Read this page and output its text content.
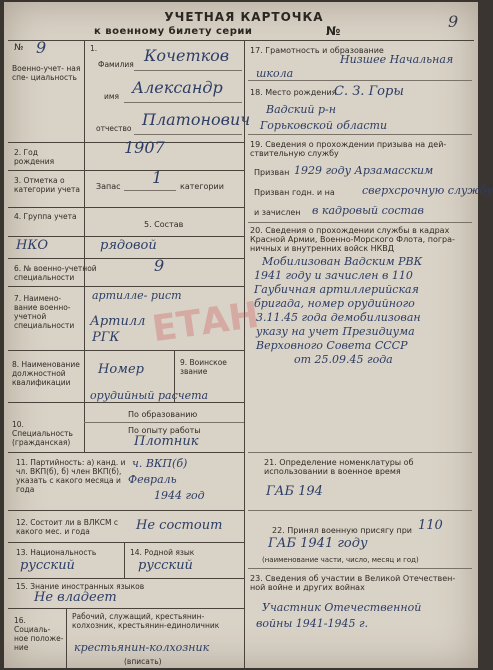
УЧЕТНАЯ КАРТОЧКА
к военному билету серии	№	9
№ 9
Военно-учет- ная спе- циальность
1.
Фамилия Кочетков
имя Александр
отчество Платонович
2. Год рождения
1907
3. Отметка о категории учета Запас 1 категории
4. Группа учета
5. Состав
НКО	рядовой
6. № военно-учетной специальности
9
7. Наимено- вание военно- учетной специальности
артилле- рист
Артилл
РГК
8. Наименование должностной квалификации
Номер
орудийный расчета
9. Воинское звание
10. Специальность (гражданская)
По образованию
По опыту работы
Плотник
11. Партийность: а) канд. и чл. ВКП(б), б) член ВКП(б), указать с какого месяца и года
ч. ВКП(б)
Февраль
1944 год
12. Состоит ли в ВЛКСМ с какого мес. и года	Не состоит
13. Национальность
русский
14. Родной язык
русский
15. Знание иностранных языков
Не владеет
16. Социаль- ное положе- ние
Рабочий, служащий, крестьянин-колхозник, крестьянин-единоличник
крестьянин-колхозник
(вписать)
17. Грамотность и образование
Низшее Начальная
школа
18. Место рождения
С. З. Горы
Вадский р-н
Горьковской области
19. Сведения о прохождении призыва на дей- ствительную службу
Призван 1929 году Арзамасским
Призван годн. и на сверхсрочную службу
и зачислен в кадровый состав
20. Сведения о прохождении службы в кадрах Красной Армии, Военно-Морского Флота, погра- ничных и внутренних войск НКВД
Мобилизован Вадским РВК
1941 году и зачислен в 110
Гаубичная артиллерийская
бригада, номер орудийного
3.11.45 года демобилизован
указу на учет Президиума
Верховного Совета СССР
от 25.09.45 года
21. Определение номенклатуры об использовании в военное время
ГАБ 194
22. Принял военную присягу при 110
ГАБ 1941 году
(наименование части, число, месяц и год)
23. Сведения об участии в Великой Отечествен- ной войне и других войнах
Участник Отечественной
войны 1941-1945 г.
ЕТАН
